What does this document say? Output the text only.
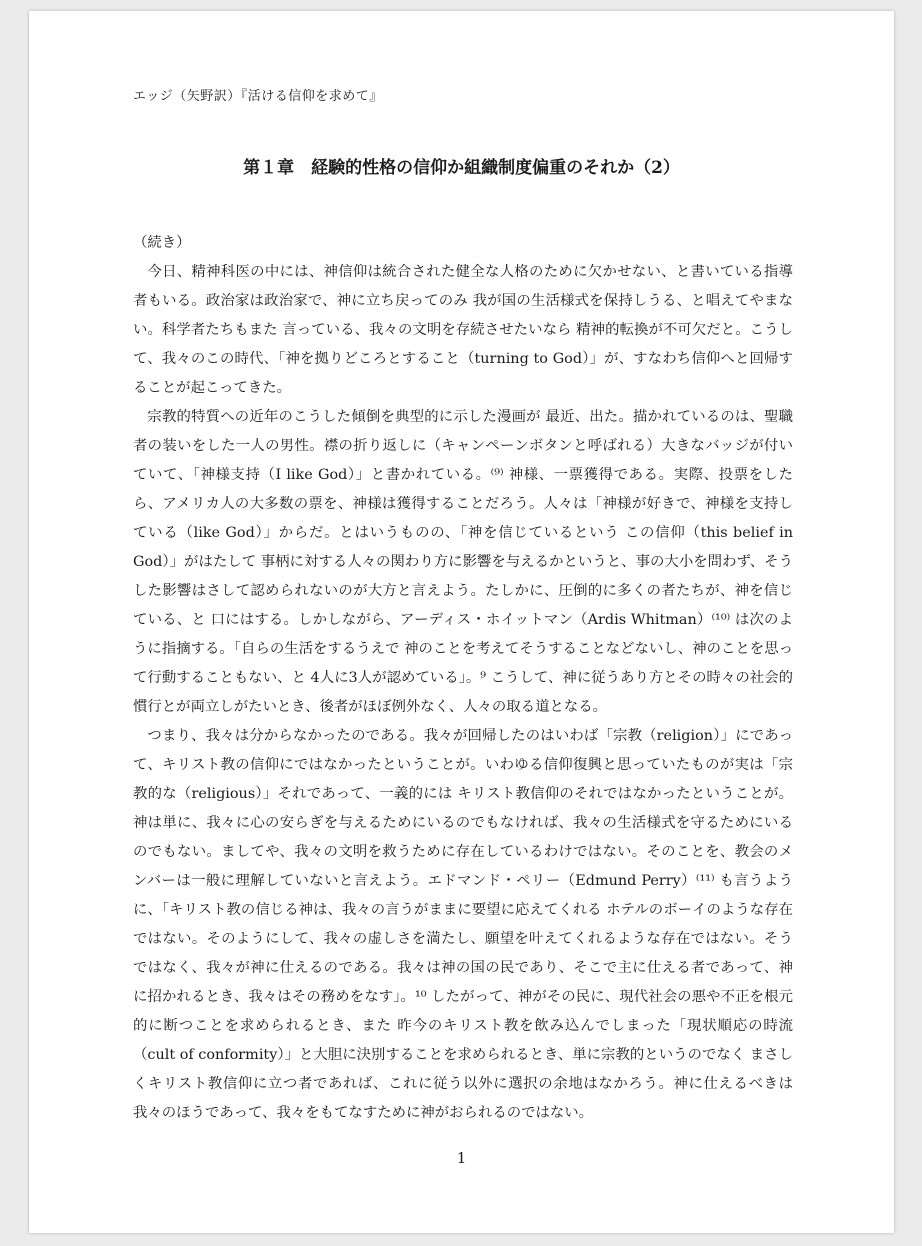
エッジ（矢野訳）『活ける信仰を求めて』
第１章　経験的性格の信仰か組織制度偏重のそれか（2）

（続き）

今日、精神科医の中には、神信仰は統合された健全な人格のために欠かせない、と書いている指導者もいる。政治家は政治家で、神に立ち戻ってのみ 我が国の生活様式を保持しうる、と唱えてやまない。科学者たちもまた 言っている、我々の文明を存続させたいなら 精神的転換が不可欠だと。こうして、我々のこの時代、「神を拠りどころとすること（turning to God）」が、すなわち信仰へと回帰することが起こってきた。

宗教的特質への近年のこうした傾倒を典型的に示した漫画が 最近、出た。描かれているのは、聖職者の装いをした一人の男性。襟の折り返しに（キャンペーンボタンと呼ばれる）大きなバッジが付いていて、「神様支持（I like God）」と書かれている。⁽⁹⁾ 神様、一票獲得である。実際、投票をしたら、アメリカ人の大多数の票を、神様は獲得することだろう。人々は「神様が好きで、神様を支持している（like God）」からだ。とはいうものの、「神を信じているという この信仰（this belief in God）」がはたして 事柄に対する人々の関わり方に影響を与えるかというと、事の大小を問わず、そうした影響はさして認められないのが大方と言えよう。たしかに、圧倒的に多くの者たちが、神を信じている、と 口にはする。しかしながら、アーディス・ホイットマン（Ardis Whitman）⁽¹⁰⁾ は次のように指摘する。「自らの生活をするうえで 神のことを考えてそうすることなどないし、神のことを思って行動することもない、と 4人に3人が認めている」。⁹ こうして、神に従うあり方とその時々の社会的慣行とが両立しがたいとき、後者がほぼ例外なく、人々の取る道となる。

つまり、我々は分からなかったのである。我々が回帰したのはいわば「宗教（religion）」にであって、キリスト教の信仰にではなかったということが。いわゆる信仰復興と思っていたものが実は「宗教的な（religious）」それであって、一義的には キリスト教信仰のそれではなかったということが。神は単に、我々に心の安らぎを与えるためにいるのでもなければ、我々の生活様式を守るためにいるのでもない。ましてや、我々の文明を救うために存在しているわけではない。そのことを、教会のメンバーは一般に理解していないと言えよう。エドマンド・ペリー（Edmund Perry）⁽¹¹⁾ も言うように、「キリスト教の信じる神は、我々の言うがままに要望に応えてくれる ホテルのボーイのような存在ではない。そのようにして、我々の虚しさを満たし、願望を叶えてくれるような存在ではない。そうではなく、我々が神に仕えるのである。我々は神の国の民であり、そこで主に仕える者であって、神に招かれるとき、我々はその務めをなす」。¹⁰ したがって、神がその民に、現代社会の悪や不正を根元的に断つことを求められるとき、また 昨今のキリスト教を飲み込んでしまった「現状順応の時流（cult of conformity）」と大胆に決別することを求められるとき、単に宗教的というのでなく まさしくキリスト教信仰に立つ者であれば、これに従う以外に選択の余地はなかろう。神に仕えるべきは我々のほうであって、我々をもてなすために神がおられるのではない。

1
